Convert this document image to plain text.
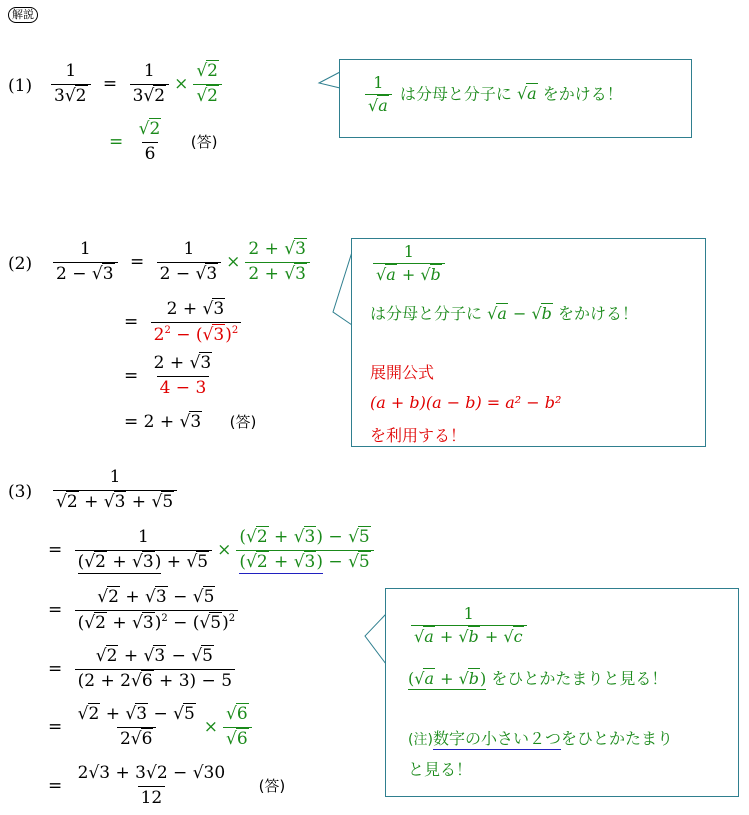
解説
$(1) \frac{1}{3√2} = \frac{1}{3√2} \times \frac{√2}{√2}$
= $\frac{√2}{6}$ (答)
$\frac{1}{√a}$ は分母と分子に √a をかける！
$(2) \frac{1}{2 - √3} = \frac{1}{2 - √3} \times \frac{2 + √3}{2 + √3}$
= $\frac{2 + √3}{2^2 - (√3)^2}$
= $\frac{2 + √3}{4 - 3}$
= 2 + √3 (答)
$\frac{1}{√a + √b}$
は分母と分子に √a − √b をかける！
展開公式
(a + b)(a − b) = a² − b²
を利用する！
$(3) \frac{1}{√2 + √3 + √5}$
= $\frac{1}{(√2 + √3) + √5} \times \frac{(√2 + √3) - √5}{(√2 + √3) - √5}$
= $\frac{√2 + √3 - √5}{(√2 + √3)^2 - (√5)^2}$
= $\frac{√2 + √3 - √5}{(2 + 2√6 + 3) - 5}$
= $\frac{√2 + √3 - √5}{2√6} \times \frac{√6}{√6}$
= $\frac{2√3 + 3√2 - √30}{12}$ (答)
$\frac{1}{√a + √b + √c}$
(√a + √b) をひとかたまりと見る！
(注)数字の小さい２つをひとかたまり
と見る！
